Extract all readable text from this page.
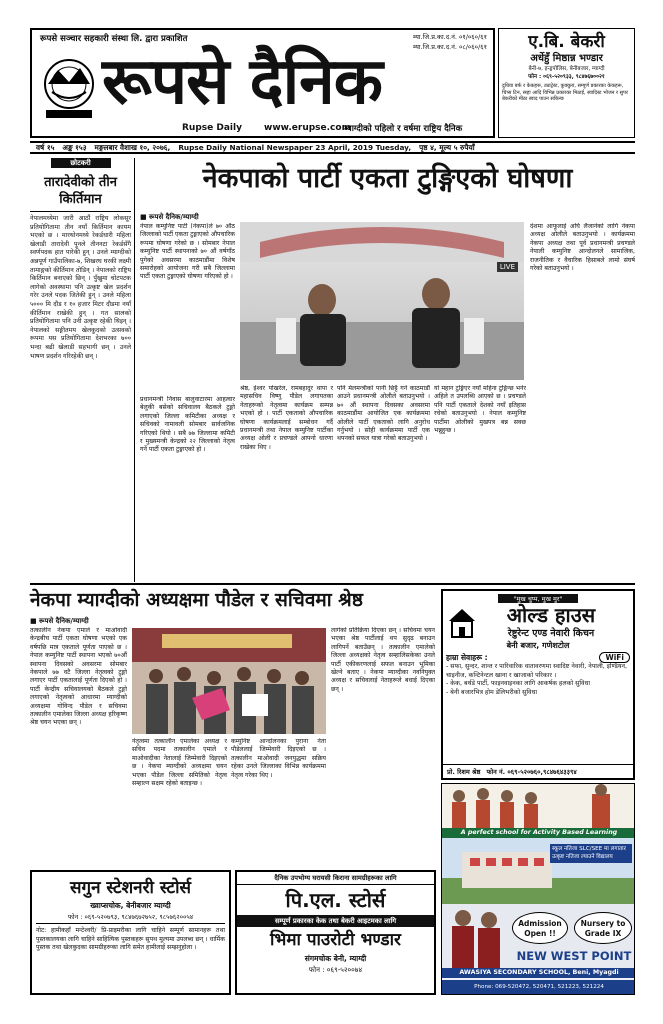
रूपसे सञ्चार सहकारी संस्था लि. द्वारा प्रकाशित	म्या.जि.प्र.का.द.नं. ०१/०६०/६१
म्या.जि.प्र.का.द.नं. ०८/०६०/६१
रूपसे दैनिक
Rupse Daily www.erupse.com
म्याग्दीको पहिलो र वर्षमा राष्ट्रिय दैनिक
ए.बि. बेकरी
अर्धेहुँ मिष्ठान्न भण्डार
बेनी-७, इन्ड्रपोलिस, बेनीबजार, म्याग्दी
फोन : ०६९-५२०९३३, ९८४७६७००२१
दुधिया बर्फ र केकहरू, ट्याट्रेस्ट, कुक्कुरा, सम्पूर्ण प्रकारका केकहरू, चिप्स टिन, स्ब्हा आदि विभिन्न प्रकारका मिठाई, स्वादिस्ट भोजन र सुपर बेकरीको मीठा स्वाद पाउन सकिन्छ
वर्ष १५ अङ्क १५३ मङ्गलबार वैशाख १०, २०७६, Rupse Daily National Newspaper 23 April, 2019 Tuesday, पृष्ठ ४, मूल्य ५ रुपैयाँ
छोटकरी
तारादेवीको तीन किर्तिमान

नेपालमध्येमा जारी आठौं राष्ट्रिय लोकसूर प्रतियोगितामा तीन नयाँ किर्तिमान कायम भएको छ । मारथोनमध्ये रेकर्डधारी महिला खेलाडी तारादेवी पुनले तीननटा रेकर्डसँगै स्वर्णपदक हात पारेकी हुन् । उनले म्याग्दीको अन्नपूर्ण गाउँपालिका-७, शिखरघ घरकी लक्ष्मी तामाङ्गको कीर्तिमान तोडिन् । नेपालको राष्ट्रिय किर्तिमान बनाएको छिन् । पुँखुमा चोटपटक लागेको अवस्थामा पनि उत्कृष्ट खेल प्रदर्शन गरेर उनले पदक जितेकी हुन् । उनले महिला ५००० मि दौड र १० हजार मिटर दौडमा नयाँ कीर्तिमान राखेकी हुन् । गत सालको प्रतियोगितामा पनि उनी उत्कृष्ट रहेकी थिइन् । नेपालको सङ्गीतमय खेलकुदको उत्सवको रूपमा यस प्रतियोगितामा देशभरका ७०० भन्दा बढी खेलाडी सहभागी छन् । उनले भाषण प्रदर्शन गरिरहेकी छन् ।

नेकपाको पार्टी एकता टुङ्गिएको घोषणा
■ रूपसे दैनिक/म्याग्दी

नेपाल कम्युनिष्ट पार्टी (नेकपा)ले ७० औठ जिल्लाको पार्टी एकता टुङ्गाएको औपचारिक रूपमा घोषणा गरेको छ । सोमबार नेपाल कम्युनिष्ट पार्टी स्थापनाको ७० औं वर्षगाँठ पुगेको अवसरमा काठमाडौंमा विशेष समारोहको आयोजना गरी सबै जिल्लामा पार्टी एकता टुङ्गाएको घोषणा गरिएको हो ।

LIVE

देशमा आफूलाई अघि लैजानेको लागि नेकपा अध्यक्ष ओलीले बताउनुभयो । कार्यक्रममा नेकपा अध्यक्ष तथा पूर्व प्रधानमन्त्री प्रचण्डले नेपाली कम्युनिष्ट आन्दोलनले सामाजिक, राजनीतिक र वैचारिक हिसाबले लामो संघर्ष गरेको बताउनुभयो ।

प्रधानमन्त्री निवास बालुवाटारमा आहत्वार बेलुकी बसेको सचिवालय बैठकले टुङ्गो लगाएको जिल्ला कमिटीका अध्यक्ष र सचिवको नामावली सोमबार सार्वजनिक गरिएको थियो । सबै ७७ जिल्लामा कमिटी र मुख्यमन्त्री केन्द्रको २२ जिल्लाको नेतृत्व गर्ने पार्टी एकता टुङ्गाएको हो ।

श्रेष्ठ, ईश्वर पोखरेल, रामबहादुर थापा र महासचिव विष्णु पौडेल लगायतका नेताहरूको नेतृत्वमा कार्यक्रम सम्पन्न भएको हो । पार्टी एकताको औपचारिक घोषणा कार्यक्रमलाई सम्बोधन गर्दै प्रधानमन्त्री तथा नेपाल कम्युनिष्ट पार्टीका अध्यक्ष ओली र प्रचण्डले आफ्नो धारणा राखेका थिए ।

पनि मेलमन्त्रीको पानी छिट्टै गर्ने काठमाडौं आउने प्रधानमन्त्री ओलीले बताउनुभयो । ७० औं स्थापना दिवसका अवसरमा काठमाडौंमा आयोजित एक कार्यक्रममा ओलीले पार्टी एकताको लागि अनुरोध गर्नुभयो । सोही कार्यक्रममा पार्टी एक थपनको सफल यात्रा गरेको बताउनुभयो ।

यो महान टुङ्गिएर नयाँ महिना टुङ्गिन्छ भनेर अहिले त उपलब्धि आएको छ । प्रचण्डले पनि पार्टी एकताले देशको नयाँ इतिहास रचेको बताउनुभयो । नेपाल कम्युनिष्ट पार्टीमा ओलीको मुखपत्र बन्न सक्छ भन्नुहुन्छ ।

नेकपा म्याग्दीको अध्यक्षमा पौडेल र सचिवमा श्रेष्ठ
■ रूपसे दैनिक/म्याग्दी

तत्कालीन नेकपा एमाले र माओवादी केन्द्रबीच पार्टी एकता घोषणा भएको एक वर्षपछि मात्र एकताले पूर्णता पाएको छ । नेपाल कम्युनिष्ट पार्टी स्थापना भएको ७०औं स्थापना दिवसको अवसरमा सोमबार नेकपाले ७७ वटै जिल्ला नेतृत्वको टुङ्गो लगाएर पार्टी एकतालाई पूर्णता दिएको हो । पार्टी केन्द्रीय सचिवालयको बैठकले टुङ्गो लगाएको नेतृत्वको आधारमा म्याग्दीको अध्यक्षमा गोविन्द पौडेल र सचिवमा तत्कालीन एमालेका जिल्ला अध्यक्ष हरिकृष्ण श्रेष्ठ चयन भएका छन् ।

नेतृत्वमा तत्कालीन एमालेका अध्यक्ष र सचिव पदमा तत्कालीन एमाले र माओवादीका नेतालाई जिम्मेवारी दिइएको छ । नेकपा म्याग्दीको अध्यक्षमा चयन भएका पौडेल जिल्ला समितिको नेतृत्व सम्हाल्न सक्षम रहेको बताइन्छ ।

कम्युनिष्ट आन्दोलनका पुराना नेता पौडेललाई जिम्मेवारी दिइएको छ । तत्कालीन माओवादी जनयुद्धमा सक्रिय रहेका उनले जिल्लाका विभिन्न कार्यक्रममा नेतृत्व गरेका थिए ।

लागेको प्रतिक्रिया दिएका छन् । सचिवमा चयन भएका श्रेष्ठ पार्टीलाई थप सुदृढ बनाउन लागिपर्ने बताउँछन् । तत्कालीन एमालेको जिल्ला अध्यक्षको नेतृत्व सम्हालिसकेका उनले पार्टी एकीकरणलाई सफल बनाउन भूमिका खेल्ने बताए । नेकपा म्याग्दीका नवनियुक्त अध्यक्ष र सचिवलाई नेताहरूले बधाई दिएका छन् ।

"मुख चुप्प, मुख मुर"
ओल्ड हाउस
रेष्टुरेन्ट एण्ड नेवारी किचन
बेनी बजार, गणेशटोल
हाम्रा सेवाहरू :	WiFi
- सफा, सुन्दर, शान्त र पारिवारिक वातावरणमा स्वादिष्ट नेवारी, नेपाली, इण्डियन, चाइनीज, कन्टिनेन्टल खाना र खाजाको परिकार ।
- केक, बर्थडे पार्टी, फाइनवाइनका लागि आकर्षक हलको सुविधा
- बेनी बजारभित्र होम डेलिभरीको सुविधा
प्रो. रिशम श्रेष्ठ फोन नं. ०६९-५२०७६०,९८४७६४३३९४
A perfect school for Activity Based Learning
स्कूल नतिजा SLC/SEE मा लगातार उत्कृष्ट नतिजा ल्याउने विद्यालय
Admission Open !!
Nursery to Grade IX
NEW WEST POINT
AWASIYA SECONDARY SCHOOL, Beni, Myagdi
Phone: 069-520472, 520471, 521223, 521224
सगुन स्टेशनरी स्टोर्स
ख्वाप्सचोक, बेनीबजार म्याग्दी
फोन : ०६९-५२०७९३, ९८४७६७२७५२, ९८५७६२००५४
नोट: हामीकहाँ मन्टेश्वरी/ प्रि-प्राइमरीका लागि चाहिने सम्पूर्ण सामानहरू तथा पुस्तकालयका लागि चाहिने साहित्यिक पुस्तकहरू सुपथ मूल्यमा उपलब्ध छन् । धार्मिक पुस्तक तथा खेलकुदका सामग्रीहरूका लागि समेत हामीलाई सम्झनुहोला ।
दैनिक उपभोग्य घरायसी किराना सामग्रीहरूका लागि
पि.एल. स्टोर्स
सम्पूर्ण प्रकारका केक तथा बेकरी आइटमका लागि
भिमा पाउरोटी भण्डार
संगमचोक बेनी, म्याग्दी
फोन : ०६९-५२००७४
